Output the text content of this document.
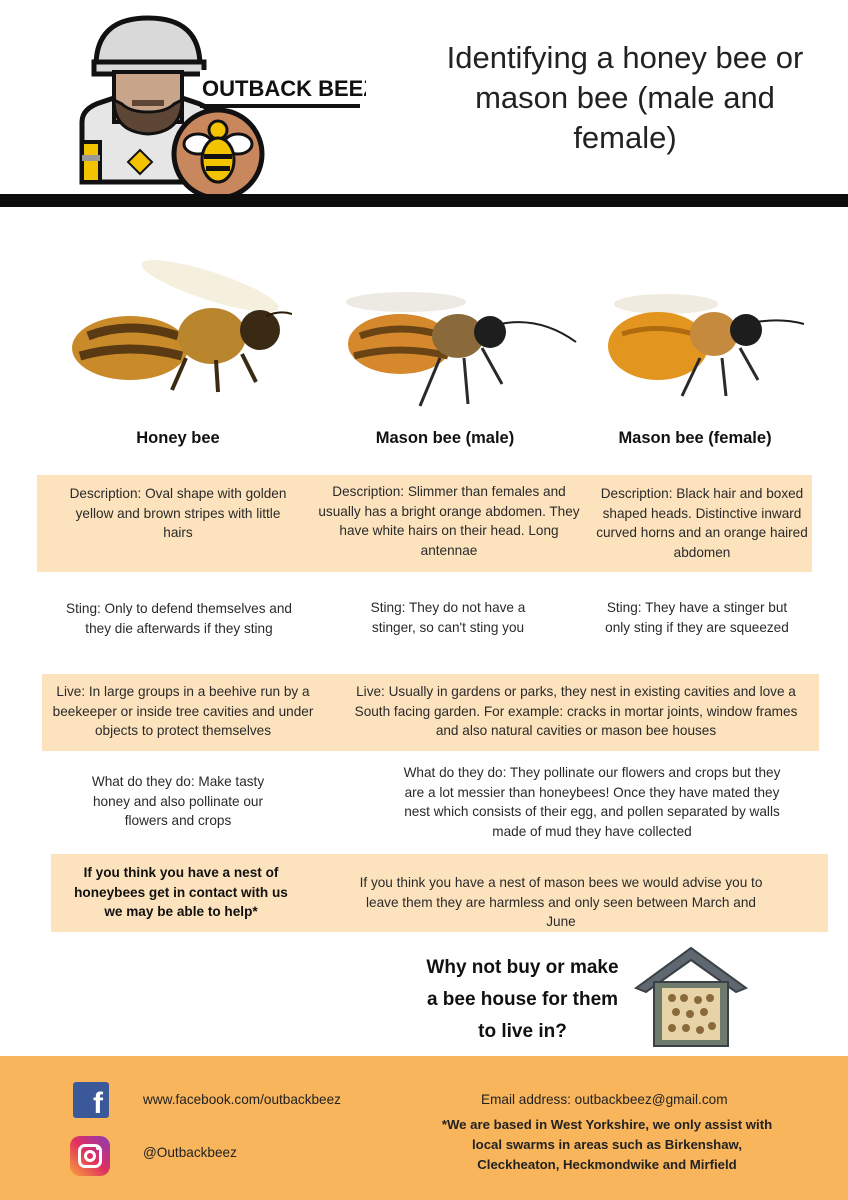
OUTBACK BEEZ
Identifying a honey bee or mason bee (male and female)
Honey bee	Mason bee (male)	Mason bee (female)
Description: Oval shape with golden yellow and brown stripes with little hairs
Description: Slimmer than females and usually has a bright orange abdomen. They have white hairs on their head. Long antennae
Description: Black hair and boxed shaped heads. Distinctive inward curved horns and an orange haired abdomen
Sting: Only to defend themselves and they die afterwards if they sting
Sting: They do not have a stinger, so can't sting you
Sting: They have a stinger but only sting if they are squeezed
Live: In large groups in a beehive run by a beekeeper or inside tree cavities and under objects to protect themselves
Live: Usually in gardens or parks, they nest in existing cavities and love a South facing garden. For example: cracks in mortar joints, window frames and also natural cavities or mason bee houses
What do they do: Make tasty honey and also pollinate our flowers and crops
What do they do: They pollinate our flowers and crops but they are a lot messier than honeybees! Once they have mated they nest which consists of their egg, and pollen separated by walls made of mud they have collected
If you think you have a nest of honeybees get in contact with us we may be able to help*
If you think you have a nest of mason bees we would advise you to leave them they are harmless and only seen between March and June
Why not buy or make a bee house for them to live in?
f	www.facebook.com/outbackbeez
@Outbackbeez
Email address: outbackbeez@gmail.com
*We are based in West Yorkshire, we only assist with local swarms in areas such as Birkenshaw, Cleckheaton, Heckmondwike and Mirfield
